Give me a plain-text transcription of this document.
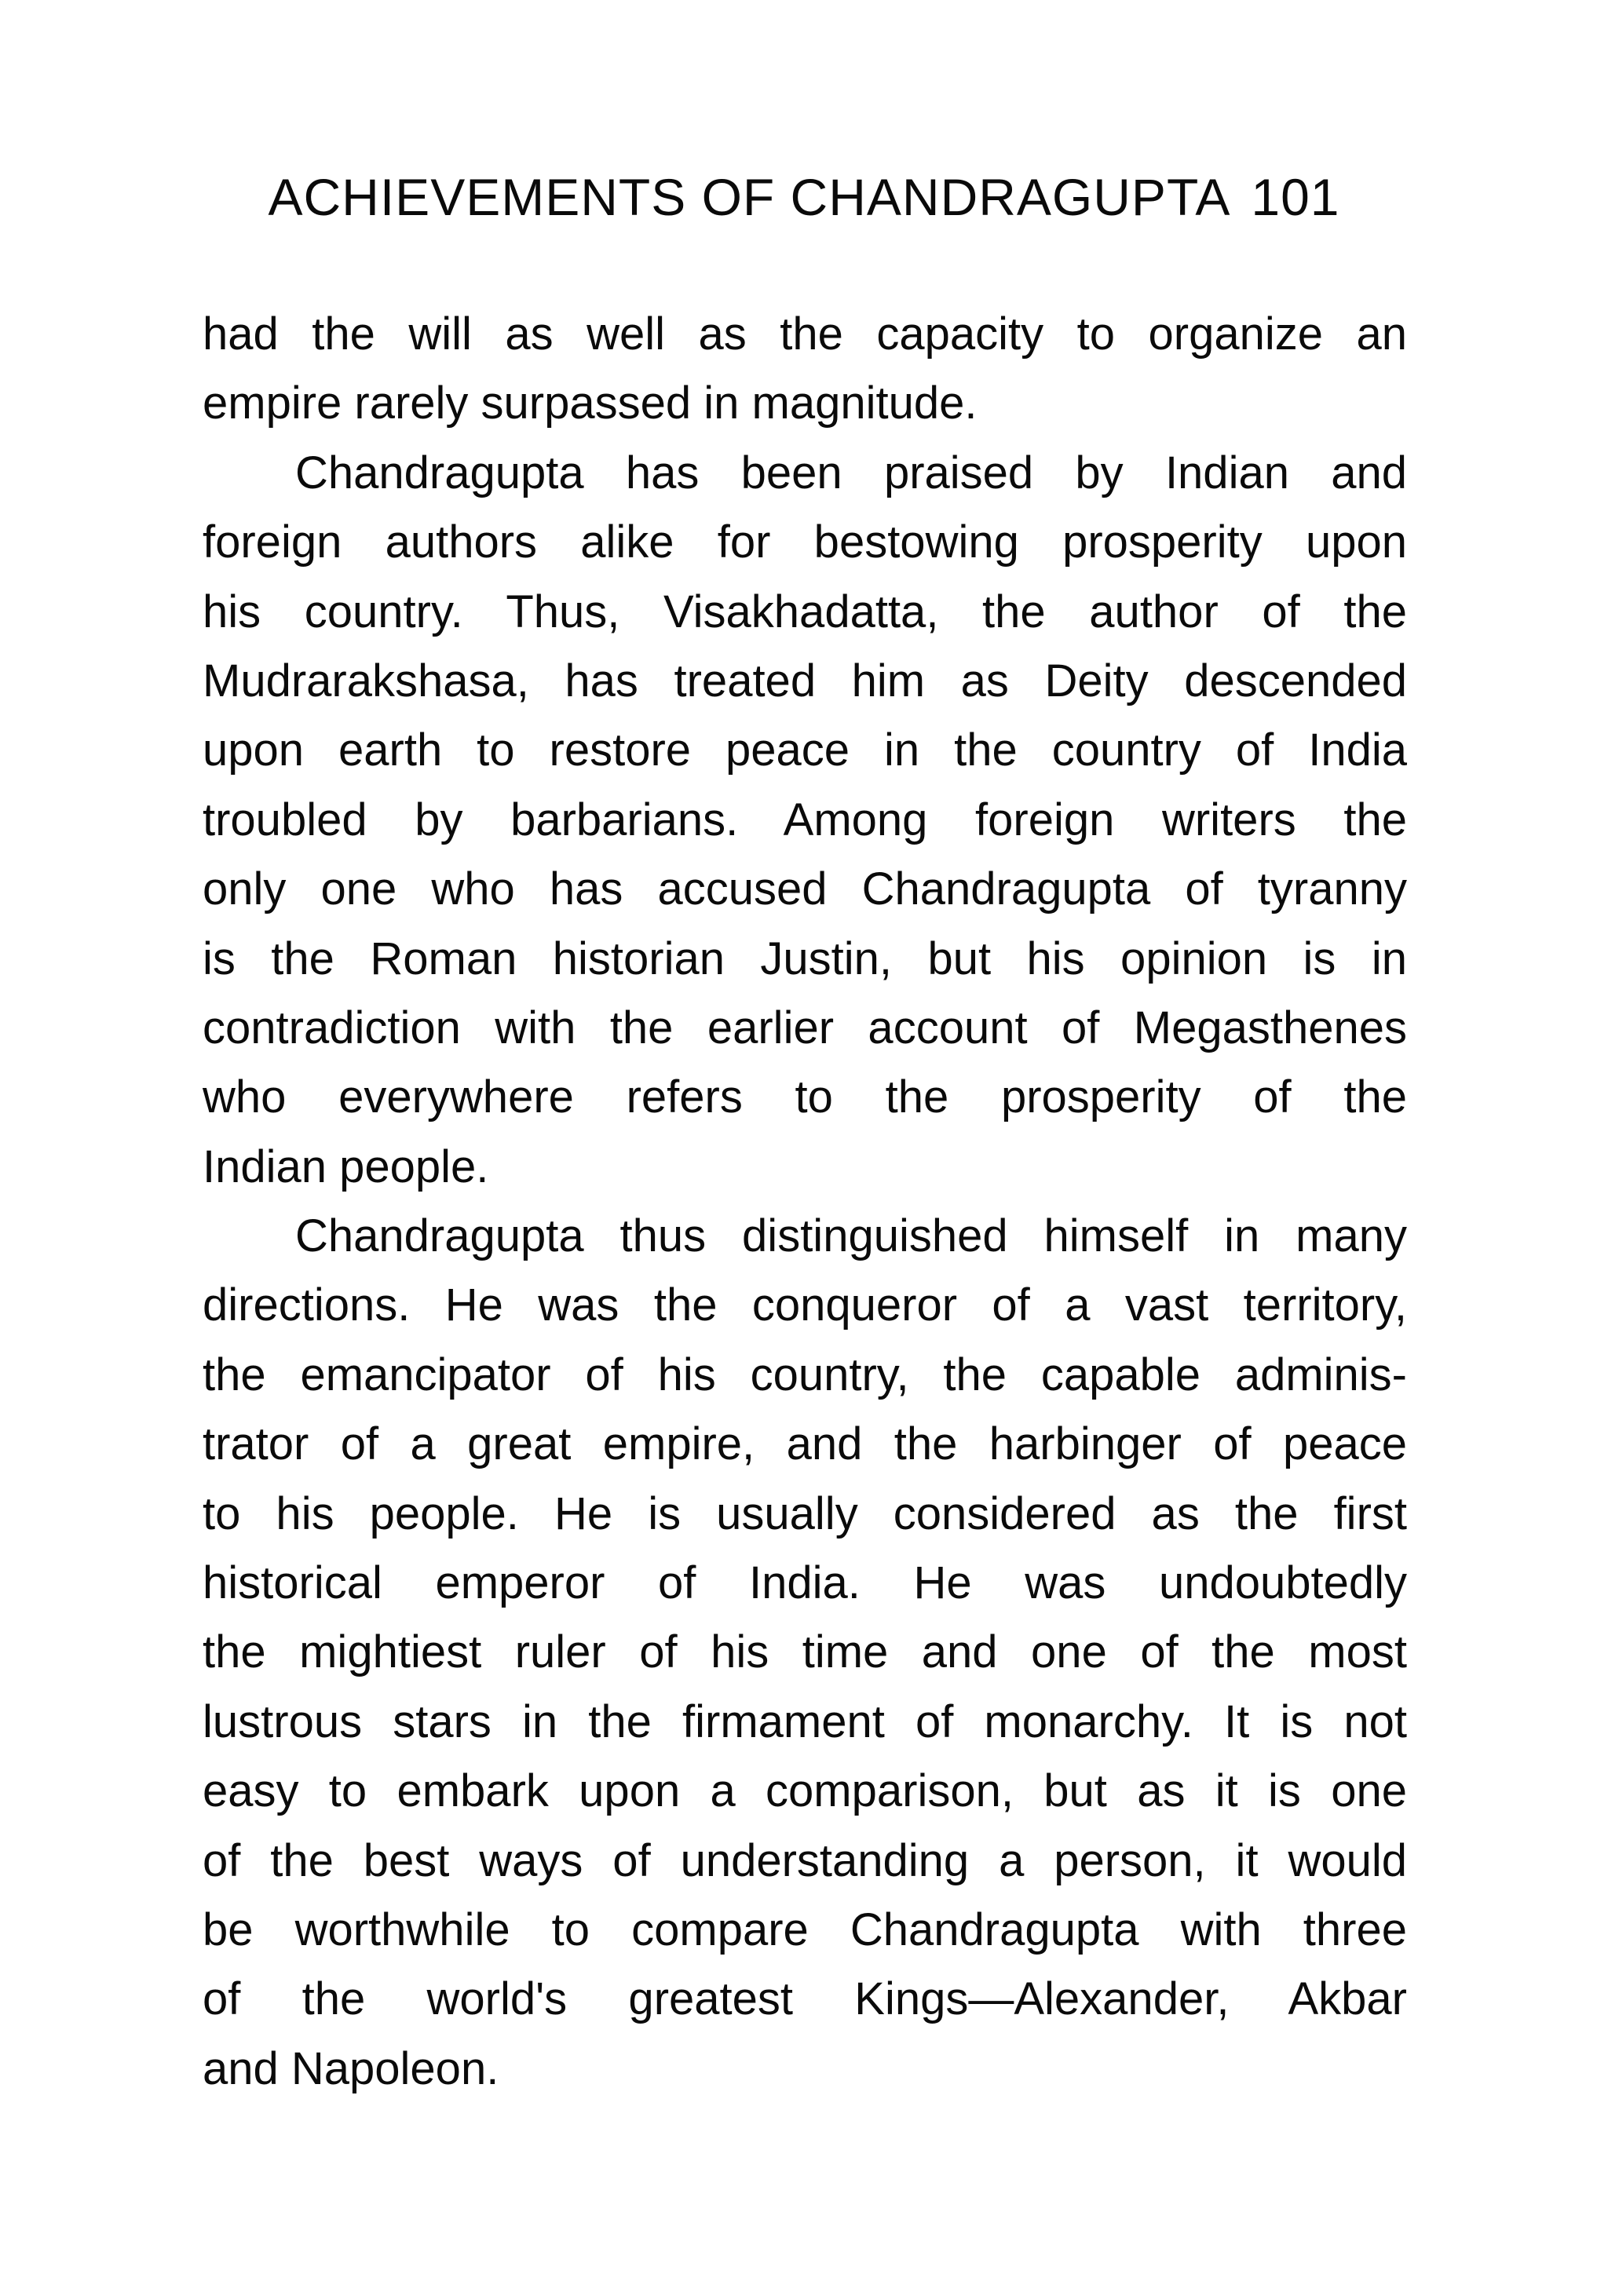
ACHIEVEMENTS OF CHANDRAGUPTA 101
had the will as well as the capacity to organize an
empire rarely surpassed in magnitude.
Chandragupta has been praised by Indian and
foreign authors alike for bestowing prosperity upon
his country. Thus, Visakhadatta, the author of the
Mudrarakshasa, has treated him as Deity descended
upon earth to restore peace in the country of India
troubled by barbarians. Among foreign writers the
only one who has accused Chandragupta of tyranny
is the Roman historian Justin, but his opinion is in
contradiction with the earlier account of Megasthenes
who everywhere refers to the prosperity of the
Indian people.
Chandragupta thus distinguished himself in many
directions. He was the conqueror of a vast territory,
the emancipator of his country, the capable adminis-
trator of a great empire, and the harbinger of peace
to his people. He is usually considered as the first
historical emperor of India. He was undoubtedly
the mightiest ruler of his time and one of the most
lustrous stars in the firmament of monarchy. It is not
easy to embark upon a comparison, but as it is one
of the best ways of understanding a person, it would
be worthwhile to compare Chandragupta with three
of the world's greatest Kings—Alexander, Akbar
and Napoleon.
